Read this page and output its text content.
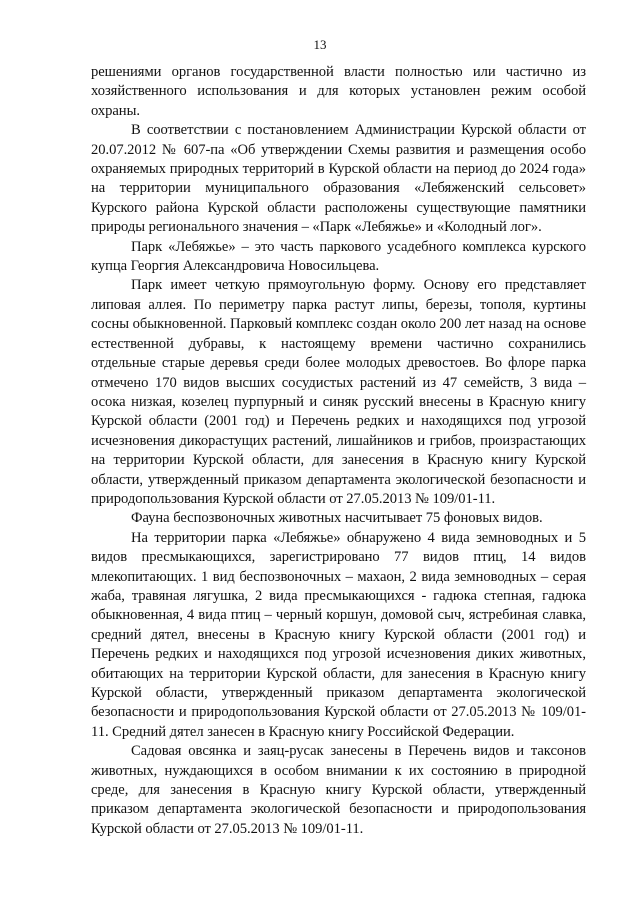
13

решениями органов государственной власти полностью или частично из хозяйственного использования и для которых установлен режим особой охраны.

В соответствии с постановлением Администрации Курской области от 20.07.2012 № 607-па «Об утверждении Схемы развития и размещения особо охраняемых природных территорий в Курской области на период до 2024 года» на территории муниципального образования «Лебяженский сельсовет» Курского района Курской области расположены существующие памятники природы регионального значения – «Парк «Лебяжье» и «Колодный лог».

Парк «Лебяжье» – это часть паркового усадебного комплекса курского купца Георгия Александровича Новосильцева.

Парк имеет четкую прямоугольную форму. Основу его представляет липовая аллея. По периметру парка растут липы, березы, тополя, куртины сосны обыкновенной. Парковый комплекс создан около 200 лет назад на основе естественной дубравы, к настоящему времени частично сохранились отдельные старые деревья среди более молодых древостоев. Во флоре парка отмечено 170 видов высших сосудистых растений из 47 семейств, 3 вида – осока низкая, козелец пурпурный и синяк русский внесены в Красную книгу Курской области (2001 год) и Перечень редких и находящихся под угрозой исчезновения дикорастущих растений, лишайников и грибов, произрастающих на территории Курской области, для занесения в Красную книгу Курской области, утвержденный приказом департамента экологической безопасности и природопользования Курской области от 27.05.2013 № 109/01-11.

Фауна беспозвоночных животных насчитывает 75 фоновых видов.

На территории парка «Лебяжье» обнаружено 4 вида земноводных и 5 видов пресмыкающихся, зарегистрировано 77 видов птиц, 14 видов млекопитающих. 1 вид беспозвоночных – махаон, 2 вида земноводных – серая жаба, травяная лягушка, 2 вида пресмыкающихся - гадюка степная, гадюка обыкновенная, 4 вида птиц – черный коршун, домовой сыч, ястребиная славка, средний дятел, внесены в Красную книгу Курской области (2001 год) и Перечень редких и находящихся под угрозой исчезновения диких животных, обитающих на территории Курской области, для занесения в Красную книгу Курской области, утвержденный приказом департамента экологической безопасности и природопользования Курской области от 27.05.2013 № 109/01-11. Средний дятел занесен в Красную книгу Российской Федерации.

Садовая овсянка и заяц-русак занесены в Перечень видов и таксонов животных, нуждающихся в особом внимании к их состоянию в природной среде, для занесения в Красную книгу Курской области, утвержденный приказом департамента экологической безопасности и природопользования Курской области от 27.05.2013 № 109/01-11.
